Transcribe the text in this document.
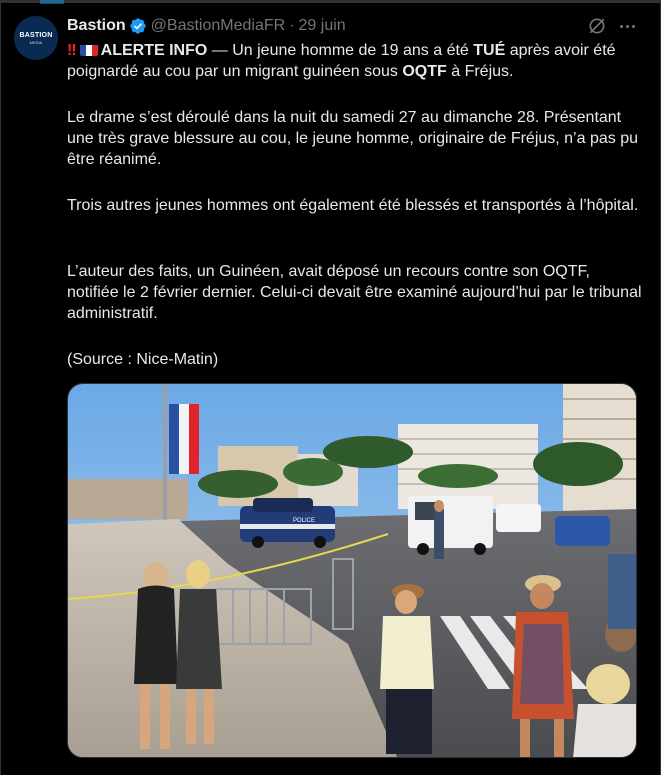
BASTION
MEDIA
Bastion @BastionMediaFR · 29 juin

!! ALERTE INFO — Un jeune homme de 19 ans a été TUÉ après avoir été poignardé au cou par un migrant guinéen sous OQTF à Fréjus.

Le drame s’est déroulé dans la nuit du samedi 27 au dimanche 28. Présentant une très grave blessure au cou, le jeune homme, originaire de Fréjus, n’a pas pu être réanimé.

Trois autres jeunes hommes ont également été blessés et transportés à l’hôpital.

L’auteur des faits, un Guinéen, avait déposé un recours contre son OQTF, notifiée le 2 février dernier. Celui-ci devait être examiné aujourd’hui par le tribunal administratif.

(Source : Nice-Matin)

POLICE
